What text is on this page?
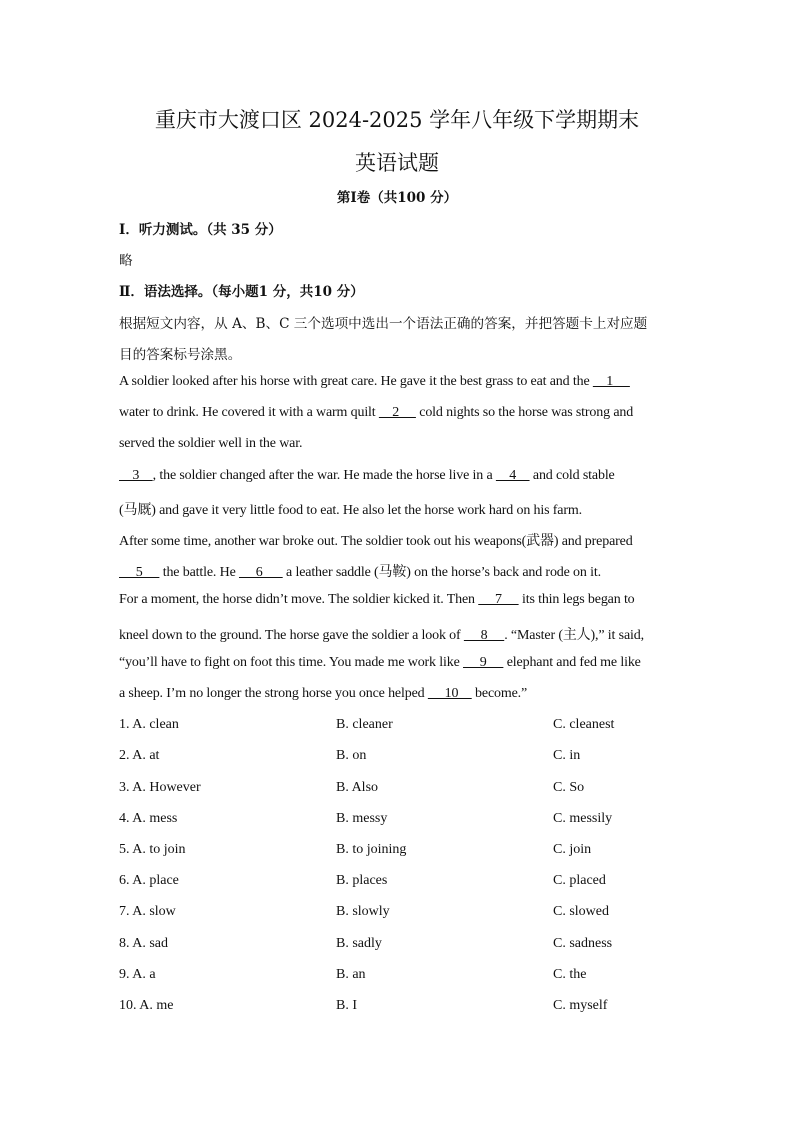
重庆市大渡口区 2024-2025 学年八年级下学期期末
英语试题
第Ⅰ卷（共100 分）
Ⅰ．听力测试。（共 35 分）
略
Ⅱ．语法选择。（每小题1 分，共10 分）
根据短文内容，从 A、B、C 三个选项中选出一个语法正确的答案，并把答题卡上对应题
目的答案标号涂黑。
A soldier looked after his horse with great care. He gave it the best grass to eat and the     1
water to drink. He covered it with a warm quilt     2      cold nights so the horse was strong and
served the soldier well in the war.
3    , the soldier changed after the war. He made the horse live in a     4     and cold stable
(马厩) and gave it very little food to eat. He also let the horse work hard on his farm.
After some time, another war broke out. The soldier took out his weapons(武器) and prepared
5      the battle. He      6       a leather saddle (马鞍) on the horse’s back and rode on it.
For a moment, the horse didn’t move. The soldier kicked it. Then      7      its thin legs began to
kneel down to the ground. The horse gave the soldier a look of      8     . “Master (主人),” it said,
“you’ll have to fight on foot this time. You made me work like      9      elephant and fed me like
a sheep. I’m no longer the strong horse you once helped      10     become.”
1. A. clean	B. cleaner	C. cleanest
2. A. at	B. on	C. in
3. A. However	B. Also	C. So
4. A. mess	B. messy	C. messily
5. A. to join	B. to joining	C. join
6. A. place	B. places	C. placed
7. A. slow	B. slowly	C. slowed
8. A. sad	B. sadly	C. sadness
9. A. a	B. an	C. the
10. A. me	B. I	C. myself
